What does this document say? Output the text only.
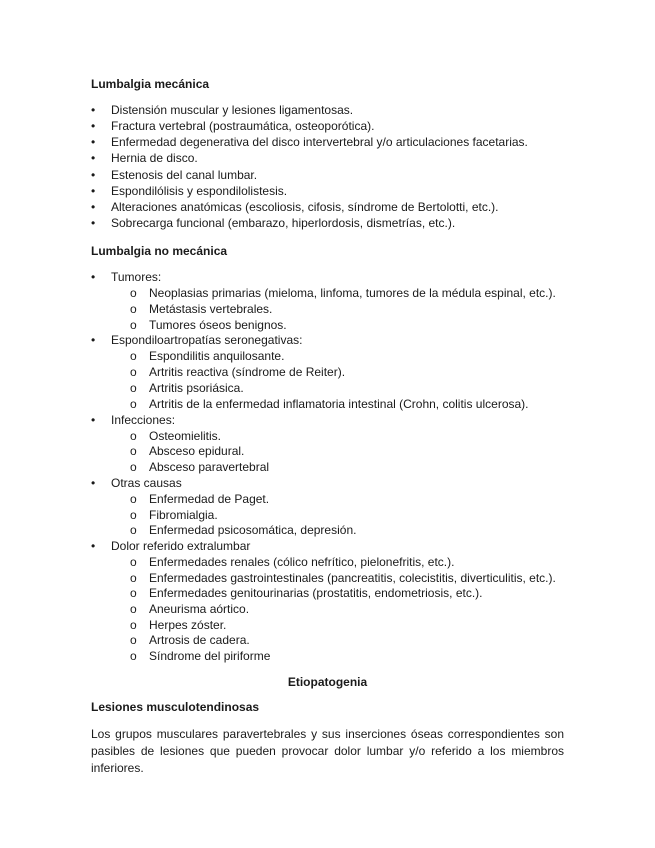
Lumbalgia mecánica
• Distensión muscular y lesiones ligamentosas.
• Fractura vertebral (postraumática, osteoporótica).
• Enfermedad degenerativa del disco intervertebral y/o articulaciones facetarias.
• Hernia de disco.
• Estenosis del canal lumbar.
• Espondilólisis y espondilolistesis.
• Alteraciones anatómicas (escoliosis, cifosis, síndrome de Bertolotti, etc.).
• Sobrecarga funcional (embarazo, hiperlordosis, dismetrías, etc.).
Lumbalgia no mecánica
• Tumores:
o Neoplasias primarias (mieloma, linfoma, tumores de la médula espinal, etc.).
o Metástasis vertebrales.
o Tumores óseos benignos.
• Espondiloartropatías seronegativas:
o Espondilitis anquilosante.
o Artritis reactiva (síndrome de Reiter).
o Artritis psoriásica.
o Artritis de la enfermedad inflamatoria intestinal (Crohn, colitis ulcerosa).
• Infecciones:
o Osteomielitis.
o Absceso epidural.
o Absceso paravertebral
• Otras causas
o Enfermedad de Paget.
o Fibromialgia.
o Enfermedad psicosomática, depresión.
• Dolor referido extralumbar
o Enfermedades renales (cólico nefrítico, pielonefritis, etc.).
o Enfermedades gastrointestinales (pancreatitis, colecistitis, diverticulitis, etc.).
o Enfermedades genitourinarias (prostatitis, endometriosis, etc.).
o Aneurisma aórtico.
o Herpes zóster.
o Artrosis de cadera.
o Síndrome del piriforme
Etiopatogenia
Lesiones musculotendinosas

Los grupos musculares paravertebrales y sus inserciones óseas correspondientes son pasibles de lesiones que pueden provocar dolor lumbar y/o referido a los miembros inferiores.
